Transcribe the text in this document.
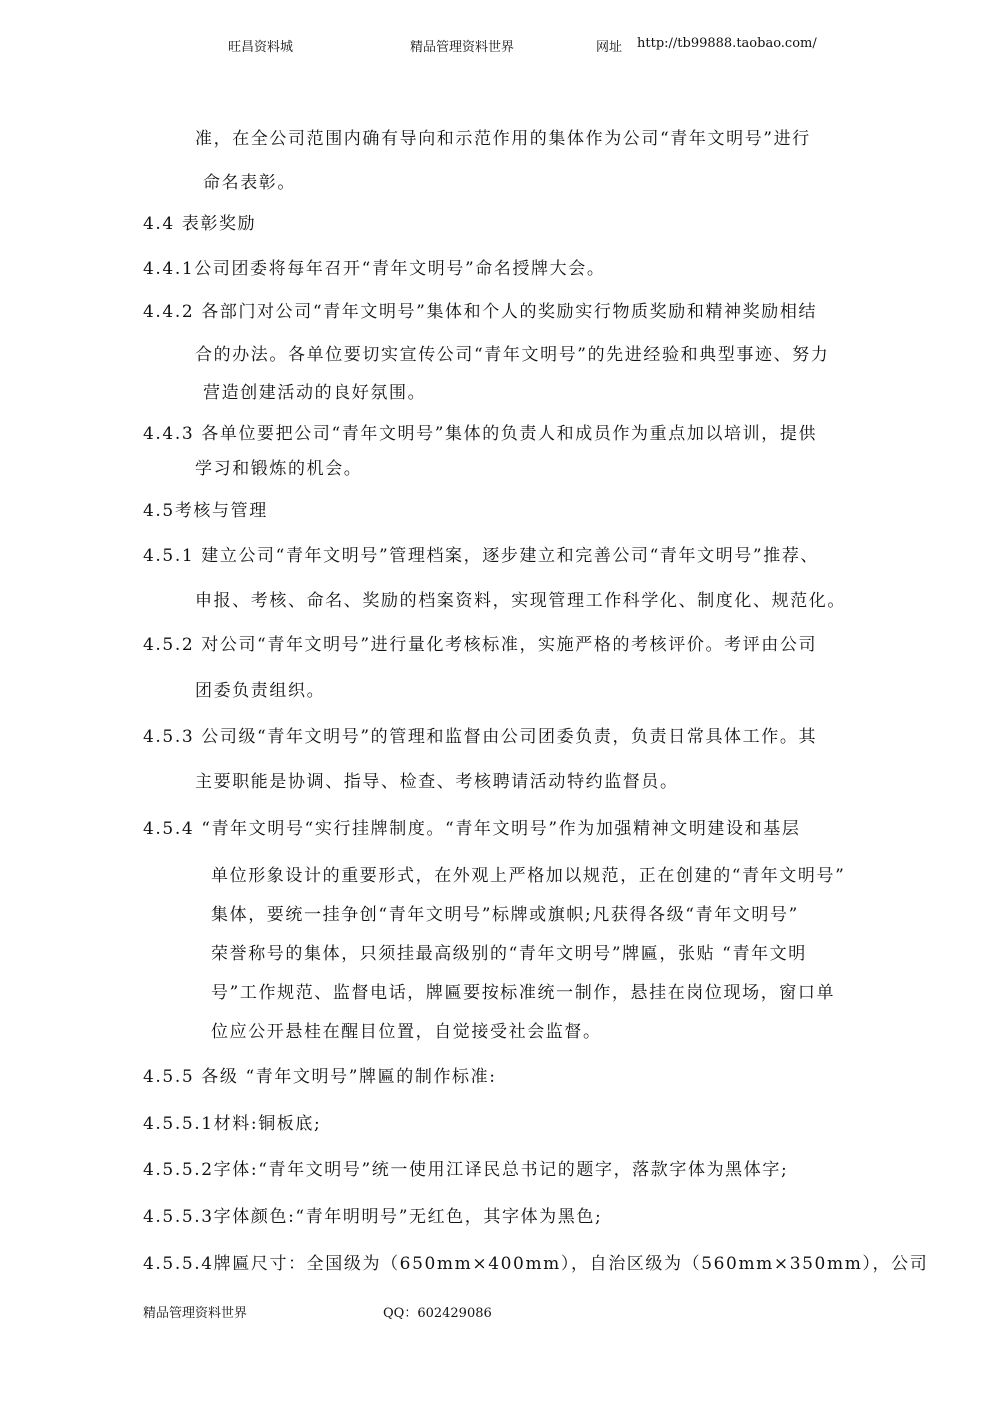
旺昌资料城	精品管理资料世界	网址 http://tb99888.taobao.com/
准，在全公司范围内确有导向和示范作用的集体作为公司“青年文明号”进行
命名表彰。
4.4 表彰奖励
4.4.1公司团委将每年召开“青年文明号”命名授牌大会。
4.4.2 各部门对公司“青年文明号”集体和个人的奖励实行物质奖励和精神奖励相结
合的办法。各单位要切实宣传公司“青年文明号”的先进经验和典型事迹、努力
营造创建活动的良好氛围。
4.4.3 各单位要把公司“青年文明号”集体的负责人和成员作为重点加以培训，提供
学习和锻炼的机会。
4.5考核与管理
4.5.1 建立公司“青年文明号”管理档案，逐步建立和完善公司“青年文明号”推荐、
申报、考核、命名、奖励的档案资料，实现管理工作科学化、制度化、规范化。
4.5.2 对公司“青年文明号”进行量化考核标准，实施严格的考核评价。考评由公司
团委负责组织。
4.5.3 公司级“青年文明号”的管理和监督由公司团委负责，负责日常具体工作。其
主要职能是协调、指导、检查、考核聘请活动特约监督员。
4.5.4 “青年文明号“实行挂牌制度。“青年文明号”作为加强精神文明建设和基层
单位形象设计的重要形式，在外观上严格加以规范，正在创建的“青年文明号”
集体，要统一挂争创“青年文明号”标牌或旗帜;凡获得各级“青年文明号”
荣誉称号的集体，只须挂最高级别的“青年文明号”牌匾，张贴 “青年文明
号”工作规范、监督电话，牌匾要按标准统一制作，悬挂在岗位现场，窗口单
位应公开悬桂在醒目位置，自觉接受社会监督。
4.5.5 各级 “青年文明号”牌匾的制作标准:
4.5.5.1材料:铜板底;
4.5.5.2字体:“青年文明号”统一使用江译民总书记的题字，落款字体为黑体字;
4.5.5.3字体颜色:“青年明明号”无红色，其字体为黑色;
4.5.5.4牌匾尺寸：全国级为（650mm×400mm），自治区级为（560mm×350mm），公司
精品管理资料世界	QQ：602429086
